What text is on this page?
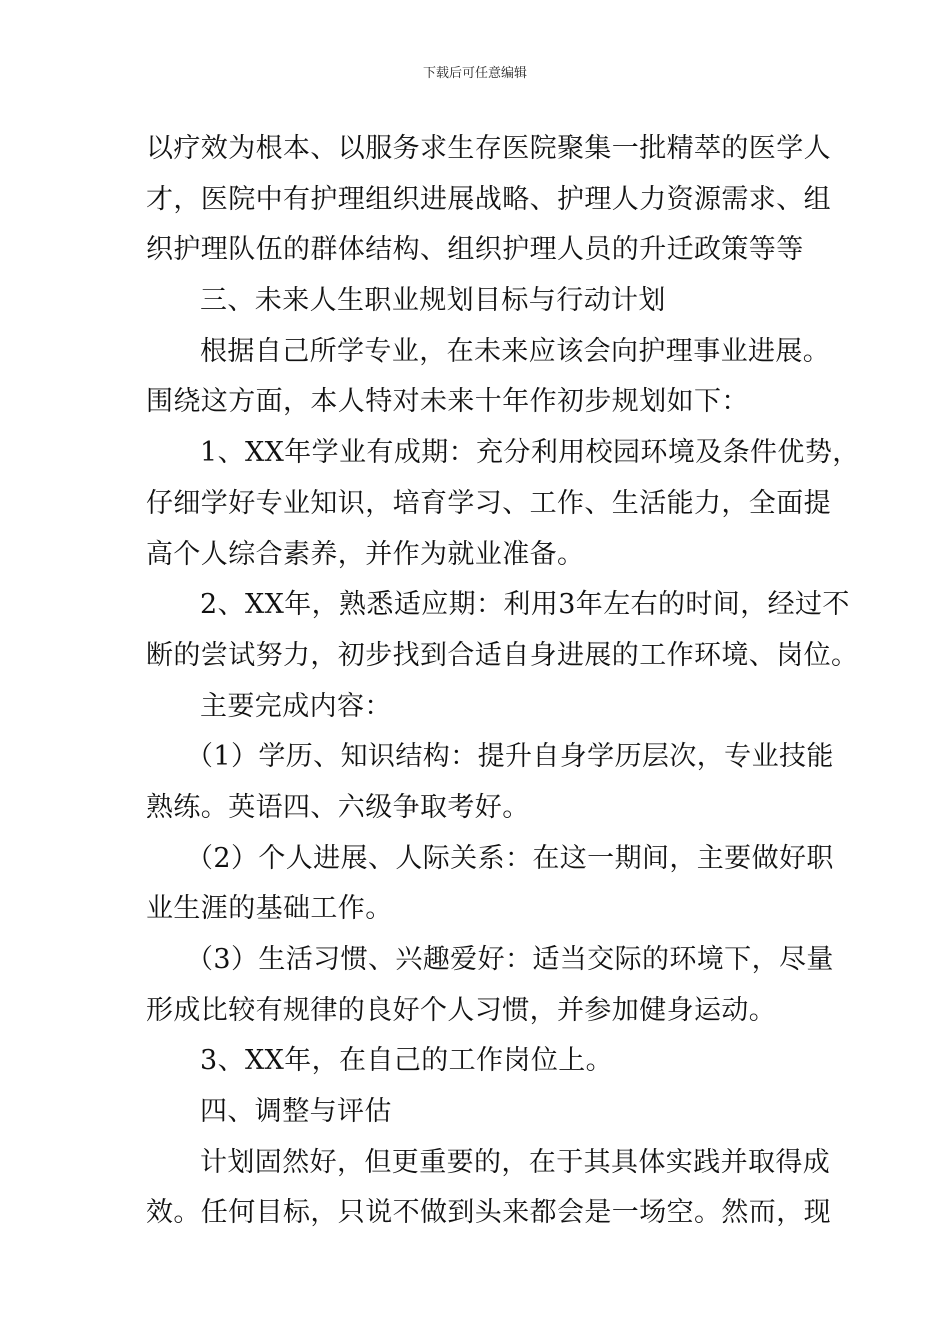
下载后可任意编辑
以疗效为根本、以服务求生存医院聚集一批精萃的医学人
才，医院中有护理组织进展战略、护理人力资源需求、组
织护理队伍的群体结构、组织护理人员的升迁政策等等
三、未来人生职业规划目标与行动计划
根据自己所学专业，在未来应该会向护理事业进展。
围绕这方面，本人特对未来十年作初步规划如下：
1、XX年学业有成期：充分利用校园环境及条件优势，
仔细学好专业知识，培育学习、工作、生活能力，全面提
高个人综合素养，并作为就业准备。
2、XX年，熟悉适应期：利用3年左右的时间，经过不
断的尝试努力，初步找到合适自身进展的工作环境、岗位。
主要完成内容：
（1）学历、知识结构：提升自身学历层次，专业技能
熟练。英语四、六级争取考好。
（2）个人进展、人际关系：在这一期间，主要做好职
业生涯的基础工作。
（3）生活习惯、兴趣爱好：适当交际的环境下，尽量
形成比较有规律的良好个人习惯，并参加健身运动。
3、XX年，在自己的工作岗位上。
四、调整与评估
计划固然好，但更重要的，在于其具体实践并取得成
效。任何目标，只说不做到头来都会是一场空。然而，现
